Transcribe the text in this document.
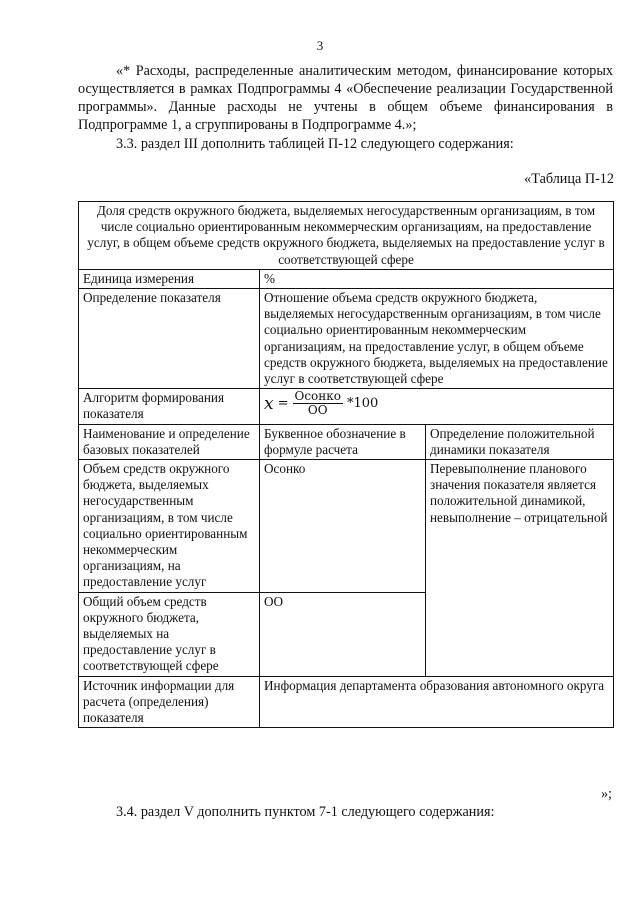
3
«* Расходы, распределенные аналитическим методом, финансирование которых осуществляется в рамках Подпрограммы 4 «Обеспечение реализации Государственной программы». Данные расходы не учтены в общем объеме финансирования в Подпрограмме 1, а сгруппированы в Подпрограмме 4.»;
3.3. раздел III дополнить таблицей П-12 следующего содержания:
«Таблица П-12
Доля средств окружного бюджета, выделяемых негосударственным организациям, в том числе социально ориентированным некоммерческим организациям, на предоставление услуг, в общем объеме средств окружного бюджета, выделяемых на предоставление услуг в соответствующей сфере		
Единица измерения	%	
Определение показателя	Отношение объема средств окружного бюджета, выделяемых негосударственным организациям, в том числе социально ориентированным некоммерческим организациям, на предоставление услуг, в общем объеме средств окружного бюджета, выделяемых на предоставление услуг в соответствующей сфере	
Алгоритм формирования показателя	$x = \frac{\text{Осонко}}{ОО} *100$	

Наименование и определение базовых показателей	Буквенное обозначение в формуле расчета	Определение положительной динамики показателя
Объем средств окружного бюджета, выделяемых негосударственным организациям, в том числе социально ориентированным некоммерческим организациям, на предоставление услуг	Осонко	Перевыполнение планового значения показателя является положительной динамикой, невыполнение – отрицательной
Общий объем средств окружного бюджета, выделяемых на предоставление услуг в соответствующей сфере	ОО	
Источник информации для расчета (определения) показателя	Информация департамента образования автономного округа	
»;
3.4. раздел V дополнить пунктом 7-1 следующего содержания:
